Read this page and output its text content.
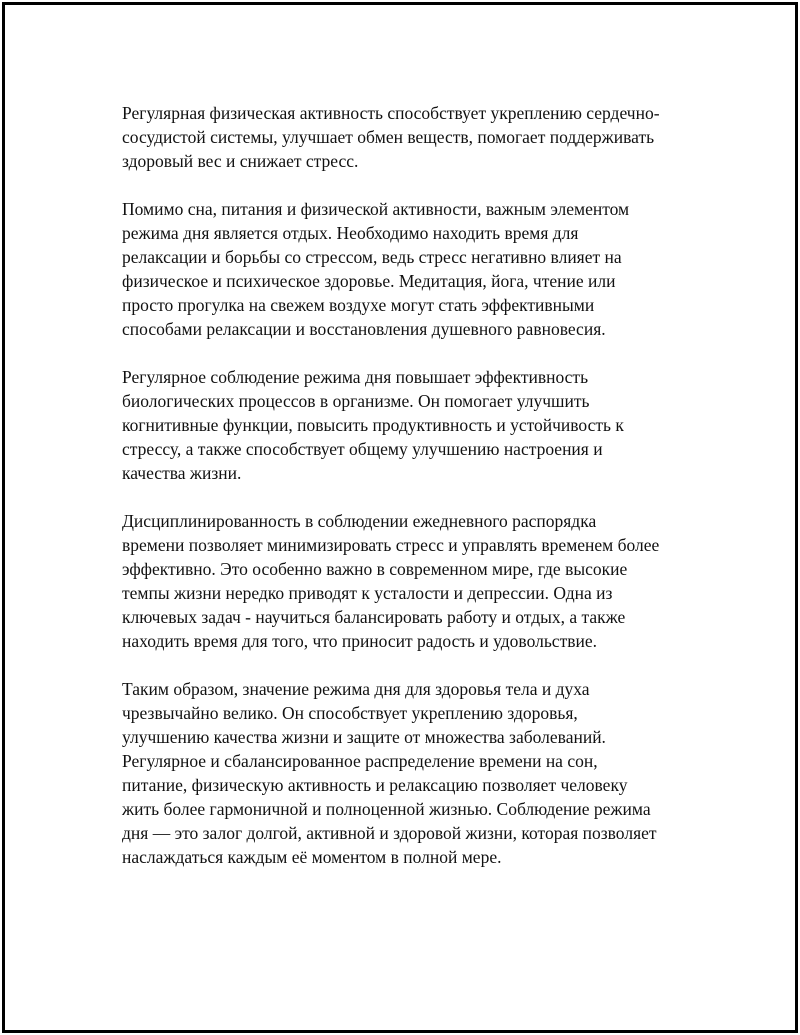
Регулярная физическая активность способствует укреплению сердечно-
сосудистой системы, улучшает обмен веществ, помогает поддерживать
здоровый вес и снижает стресс.

Помимо сна, питания и физической активности, важным элементом
режима дня является отдых. Необходимо находить время для
релаксации и борьбы со стрессом, ведь стресс негативно влияет на
физическое и психическое здоровье. Медитация, йога, чтение или
просто прогулка на свежем воздухе могут стать эффективными
способами релаксации и восстановления душевного равновесия.

Регулярное соблюдение режима дня повышает эффективность
биологических процессов в организме. Он помогает улучшить
когнитивные функции, повысить продуктивность и устойчивость к
стрессу, а также способствует общему улучшению настроения и
качества жизни.

Дисциплинированность в соблюдении ежедневного распорядка
времени позволяет минимизировать стресс и управлять временем более
эффективно. Это особенно важно в современном мире, где высокие
темпы жизни нередко приводят к усталости и депрессии. Одна из
ключевых задач - научиться балансировать работу и отдых, а также
находить время для того, что приносит радость и удовольствие.

Таким образом, значение режима дня для здоровья тела и духа
чрезвычайно велико. Он способствует укреплению здоровья,
улучшению качества жизни и защите от множества заболеваний.
Регулярное и сбалансированное распределение времени на сон,
питание, физическую активность и релаксацию позволяет человеку
жить более гармоничной и полноценной жизнью. Соблюдение режима
дня — это залог долгой, активной и здоровой жизни, которая позволяет
наслаждаться каждым её моментом в полной мере.
